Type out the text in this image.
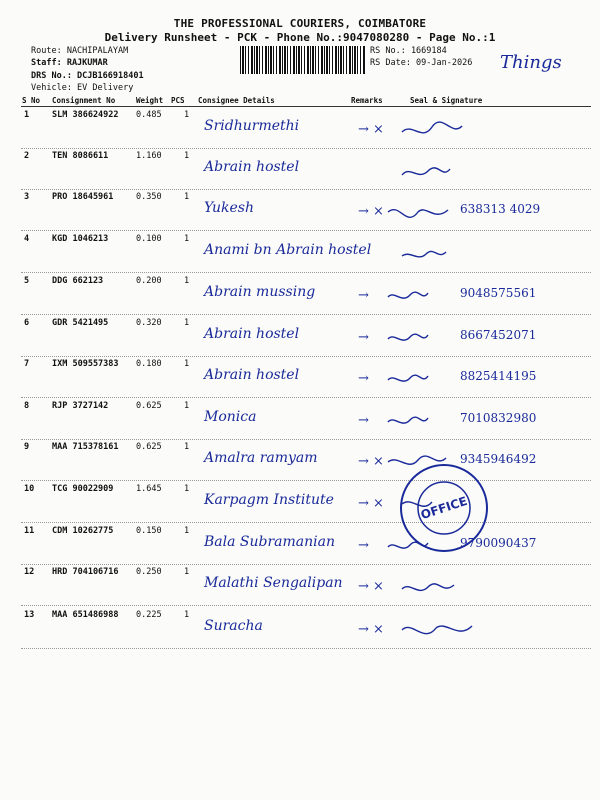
THE PROFESSIONAL COURIERS, COIMBATORE
Delivery Runsheet - PCK - Phone No.:9047080280 - Page No.:1
Route: NACHIPALAYAM
Staff: RAJKUMAR
DRS No.: DCJB166918401
Vehicle: EV Delivery
RS No.: 1669184
RS Date: 09-Jan-2026 Things
S No Consignment No	Weight PCS Consignee Details	Remarks	Seal & Signature
1	SLM 386624922 0.485	1
Sridhurmethi	→ ×
2	TEN 8086611	1.160	1
Abrain hostel
3	PRO 18645961	0.350	1
Yukesh	→ ×	638313 4029
4	KGD 1046213	0.100	1
Anami bn Abrain hostel
5	DDG 662123	0.200	1
Abrain mussing	→	9048575561
6	GDR 5421495	0.320	1
Abrain hostel	→	8667452071
7	IXM 509557383 0.180	1
Abrain hostel	→	8825414195
8	RJP 3727142	0.625	1
Monica	→	7010832980
9	MAA 715378161 0.625	1
Amalra ramyam	→ ×	9345946492
10 TCG 90022909	1.645	1
Karpagm Institute → ×
11 CDM 10262775	0.150	1
Bala Subramanian →	9790090437
12 HRD 704106716 0.250	1
Malathi Sengalipan → ×
13 MAA 651486988 0.225	1
Suracha	→ ×
OFFICE
